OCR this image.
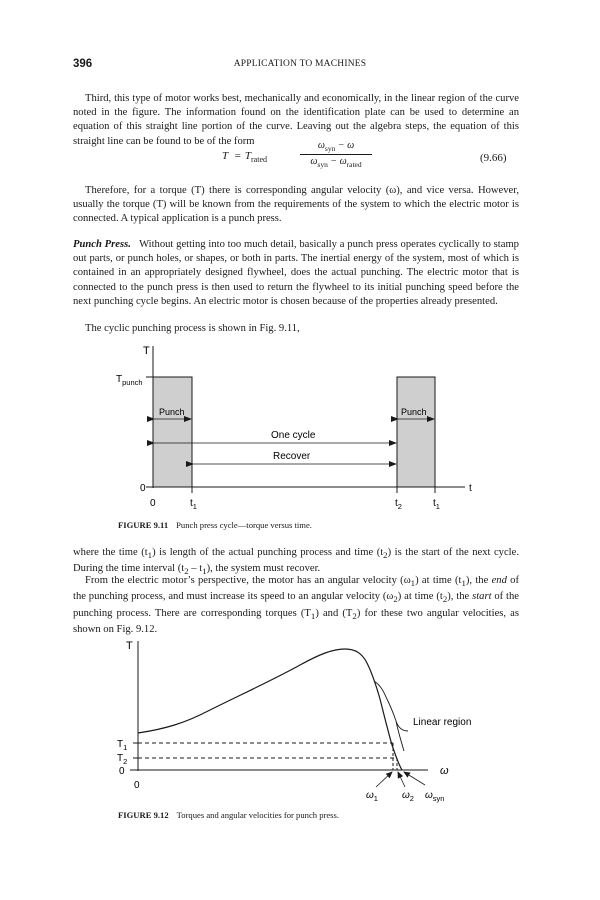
396	APPLICATION TO MACHINES
Third, this type of motor works best, mechanically and economically, in the linear region of the curve noted in the figure. The information found on the identification plate can be used to determine an equation of this straight line portion of the curve. Leaving out the algebra steps, the equation of this straight line can be found to be of the form
$T = T_{rated}$
$\omega_{syn} - \omega$
$\omega_{syn} - \omega_{rated}$
(9.66)
Therefore, for a torque (T) there is corresponding angular velocity (ω), and vice versa. However, usually the torque (T) will be known from the requirements of the system to which the electric motor is connected. A typical application is a punch press.
Punch Press. Without getting into too much detail, basically a punch press operates cyclically to stamp out parts, or punch holes, or shapes, or both in parts. The inertial energy of the system, most of which is contained in an appropriately designed flywheel, does the actual punching. The electric motor that is connected to the punch press is then used to return the flywheel to its initial punching speed before the next punching cycle begins. An electric motor is chosen because of the properties already presented.
The cyclic punching process is shown in Fig. 9.11,
T
$T_{punch}$
0
0
t
$t_1$	$t_2$	$t_1$
Punch	Punch
One cycle
Recover
FIGURE 9.11 Punch press cycle—torque versus time.
where the time $(t_1)$ is length of the actual punching process and time $(t_2)$ is the start of the next cycle. During the time interval $(t_2 - t_1)$, the system must recover.
From the electric motor’s perspective, the motor has an angular velocity $(\omega_1)$ at time $(t_1)$, the end of the punching process, and must increase its speed to an angular velocity $(\omega_2)$ at time $(t_2)$, the start of the punching process. There are corresponding torques $(T_1)$ and $(T_2)$ for these two angular velocities, as shown on Fig. 9.12.
T
$T_1$
$T_2$
0
0
ω
Linear region
$\omega_1$ $\omega_2$ $\omega_{syn}$
FIGURE 9.12 Torques and angular velocities for punch press.
